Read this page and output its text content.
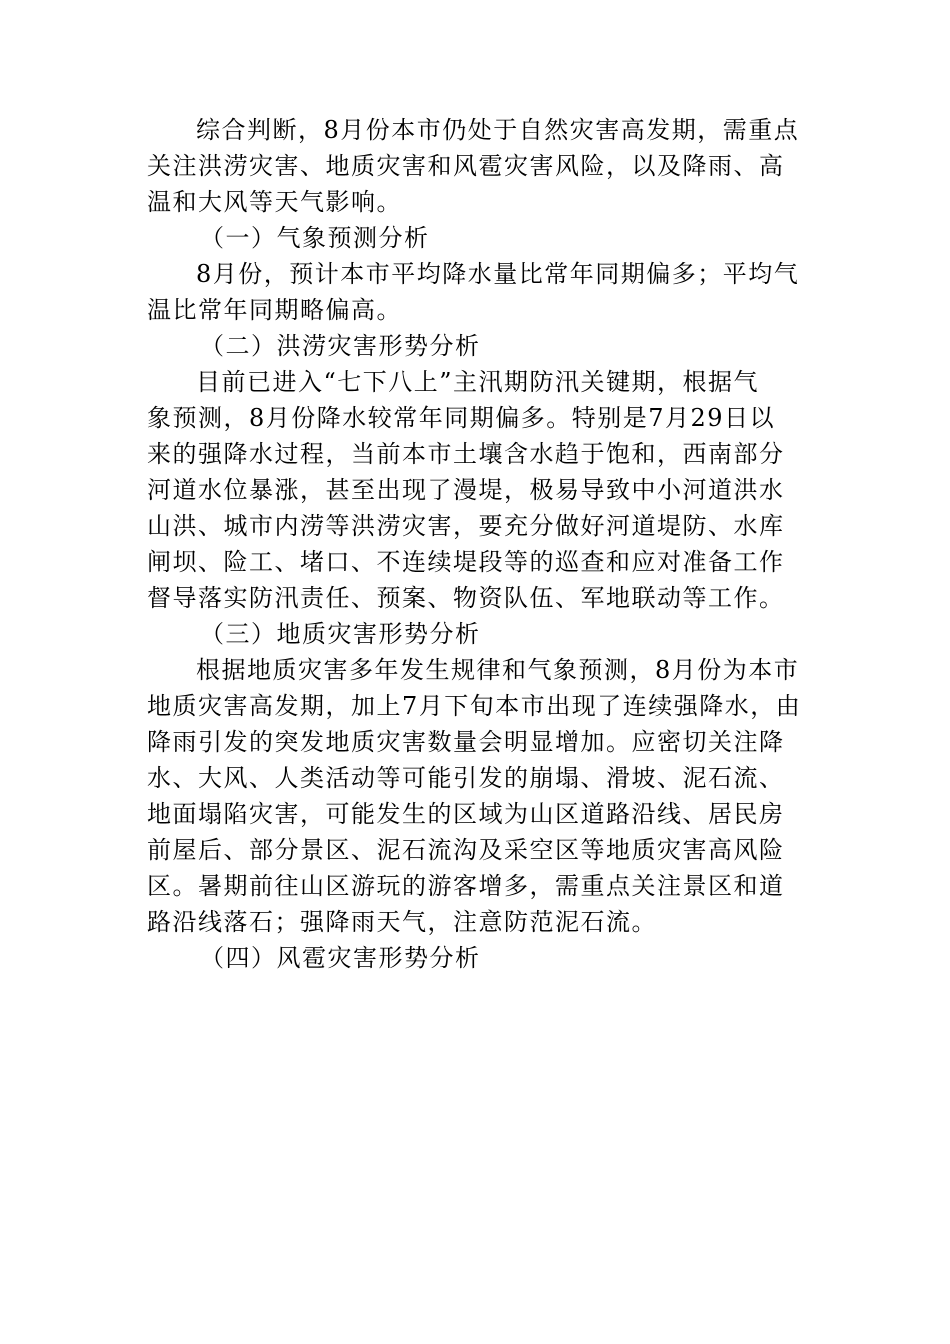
综合判断，8月份本市仍处于自然灾害高发期，需重点
关注洪涝灾害、地质灾害和风雹灾害风险，以及降雨、高
温和大风等天气影响。
（一）气象预测分析
8月份，预计本市平均降水量比常年同期偏多；平均气
温比常年同期略偏高。
（二）洪涝灾害形势分析
目前已进入“七下八上”主汛期防汛关键期，根据气
象预测，8月份降水较常年同期偏多。特别是7月29日以
来的强降水过程，当前本市土壤含水趋于饱和，西南部分
河道水位暴涨，甚至出现了漫堤，极易导致中小河道洪水
山洪、城市内涝等洪涝灾害，要充分做好河道堤防、水库
闸坝、险工、堵口、不连续堤段等的巡查和应对准备工作
督导落实防汛责任、预案、物资队伍、军地联动等工作。
（三）地质灾害形势分析
根据地质灾害多年发生规律和气象预测，8月份为本市
地质灾害高发期，加上7月下旬本市出现了连续强降水，由
降雨引发的突发地质灾害数量会明显增加。应密切关注降
水、大风、人类活动等可能引发的崩塌、滑坡、泥石流、
地面塌陷灾害，可能发生的区域为山区道路沿线、居民房
前屋后、部分景区、泥石流沟及采空区等地质灾害高风险
区。暑期前往山区游玩的游客增多，需重点关注景区和道
路沿线落石；强降雨天气，注意防范泥石流。
（四）风雹灾害形势分析
